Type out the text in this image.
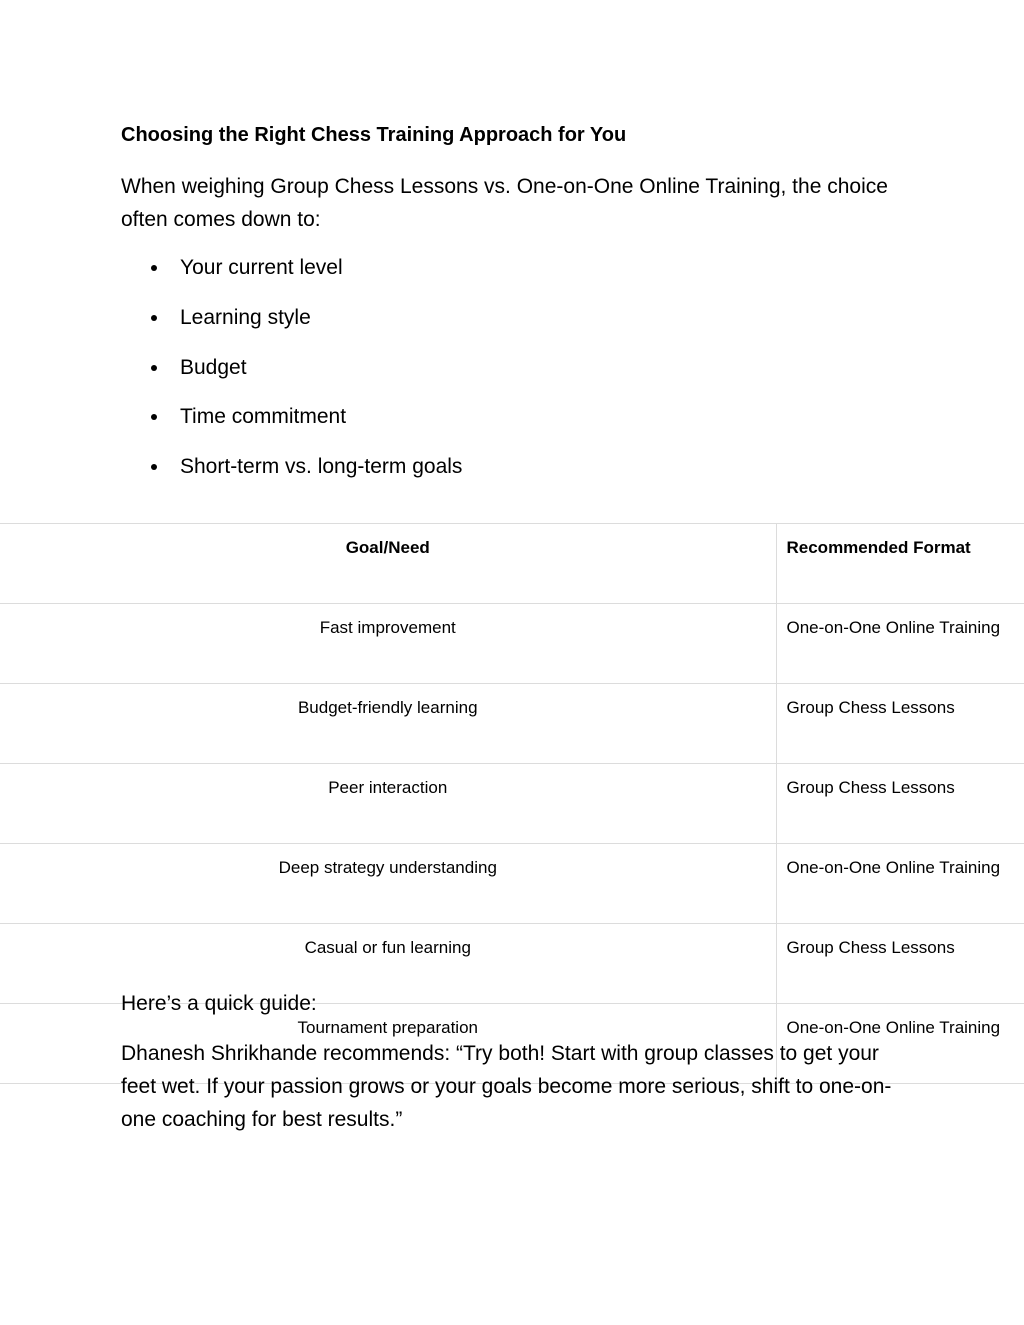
Choosing the Right Chess Training Approach for You
When weighing Group Chess Lessons vs. One-on-One Online Training, the choice often comes down to:
Your current level
Learning style
Budget
Time commitment
Short-term vs. long-term goals
Goal/Need	Recommended Format
Fast improvement	One-on-One Online Training
Budget-friendly learning	Group Chess Lessons
Peer interaction	Group Chess Lessons
Deep strategy understanding	One-on-One Online Training
Casual or fun learning	Group Chess Lessons
Tournament preparation	One-on-One Online Training
Here’s a quick guide:
Dhanesh Shrikhande recommends: “Try both! Start with group classes to get your feet wet. If your passion grows or your goals become more serious, shift to one-on-one coaching for best results.”
